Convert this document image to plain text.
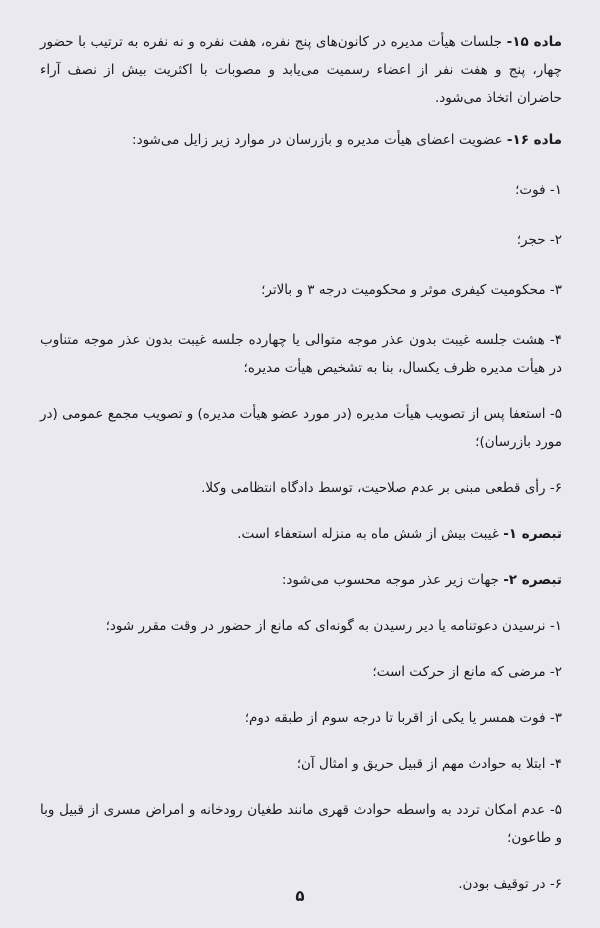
ماده ۱۵- جلسات هیأت مدیره در کانون‌های پنج نفره، هفت نفره و نه نفره به ترتیب با حضور چهار، پنج و هفت نفر از اعضاء رسمیت می‌یابد و مصوبات با اکثریت بیش از نصف آراء حاضران اتخاذ می‌شود.

ماده ۱۶- عضویت اعضای هیأت مدیره و بازرسان در موارد زیر زایل می‌شود:

۱- فوت؛

۲- حجر؛

۳- محکومیت کیفری موثر و محکومیت درجه ۳ و بالاتر؛

۴- هشت جلسه غیبت بدون عذر موجه متوالی یا چهارده جلسه غیبت بدون عذر موجه متناوب در هیأت مدیره ظرف یکسال، بنا به تشخیص هیأت مدیره؛

۵- استعفا پس از تصویب هیأت مدیره (در مورد عضو هیأت مدیره) و تصویب مجمع عمومی (در مورد بازرسان)؛

۶- رأی قطعی مبنی بر عدم صلاحیت، توسط دادگاه انتظامی وکلا.

تبصره ۱- غیبت بیش از شش ماه به منزله استعفاء است.

تبصره ۲- جهات زیر عذر موجه محسوب می‌شود:

۱- نرسیدن دعوتنامه یا دیر رسیدن به گونه‌ای که مانع از حضور در وقت مقرر شود؛

۲- مرضی که مانع از حرکت است؛

۳- فوت همسر یا یکی از اقربا تا درجه سوم از طبقه دوم؛

۴- ابتلا به حوادث مهم از قبیل حریق و امثال آن؛

۵- عدم امکان تردد به واسطه حوادث قهری مانند طغیان رودخانه و امراض مسری از قبیل وبا و طاعون؛

۶- در توقیف بودن.

۵
